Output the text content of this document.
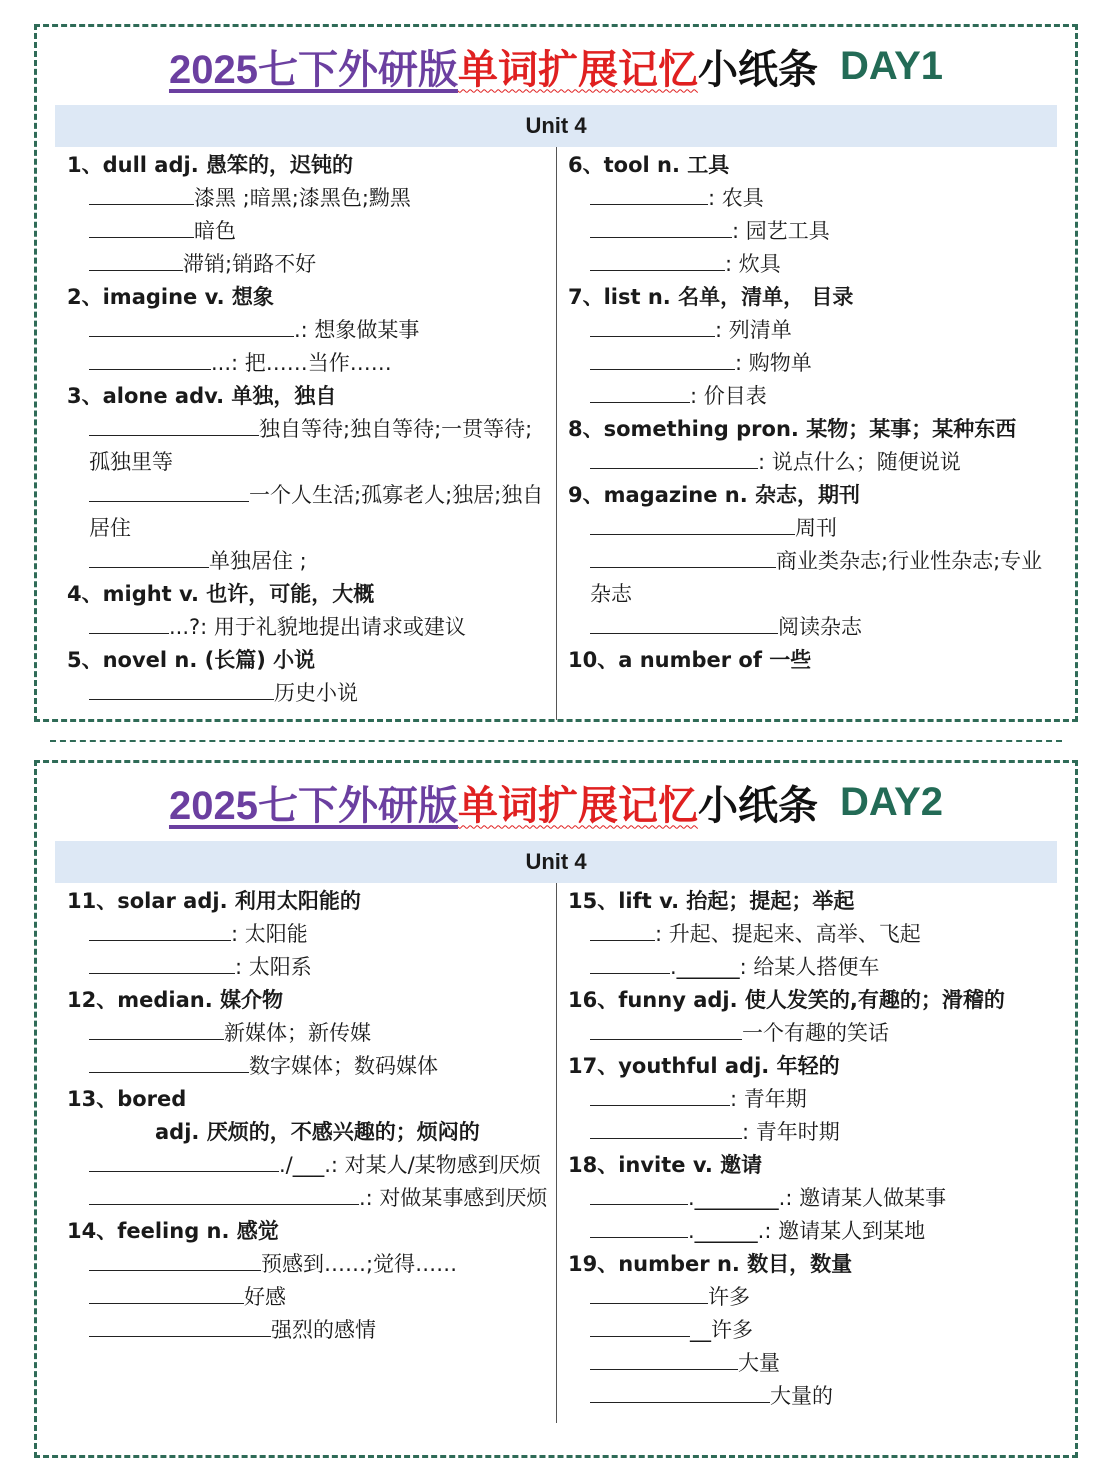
2025七下外研版 单词扩展记忆 小纸条 DAY1
Unit 4
1、dull adj. 愚笨的，迟钝的
漆黑 ;暗黑;漆黑色;黝黑
暗色
滞销;销路不好
2、imagine v. 想象
.: 想象做某事
...: 把……当作……
3、alone adv. 单独，独自
独自等待;独自等待;一贯等待;孤独里等
一个人生活;孤寡老人;独居;独自居住
单独居住 ;
4、might v. 也许，可能，大概
...?: 用于礼貌地提出请求或建议
5、novel n. (长篇) 小说
历史小说
6、tool n. 工具
: 农具
: 园艺工具
: 炊具
7、list n. 名单，清单， 目录
: 列清单
: 购物单
: 价目表
8、something pron. 某物；某事；某种东西
: 说点什么；随便说说
9、magazine n. 杂志，期刊
周刊
商业类杂志;行业性杂志;专业杂志
阅读杂志
10、a number of 一些
2025七下外研版 单词扩展记忆 小纸条 DAY2
Unit 4
11、solar adj. 利用太阳能的
: 太阳能
: 太阳系
12、median. 媒介物
新媒体；新传媒
数字媒体；数码媒体
13、bored
adj. 厌烦的，不感兴趣的；烦闷的
./___.: 对某人/某物感到厌烦
.: 对做某事感到厌烦
14、feeling n. 感觉
预感到……;觉得……
好感
强烈的感情
15、lift v. 抬起；提起；举起
: 升起、提起来、高举、飞起
.______: 给某人搭便车
16、funny adj. 使人发笑的,有趣的；滑稽的
一个有趣的笑话
17、youthful adj. 年轻的
: 青年期
: 青年时期
18、invite v. 邀请
.________.: 邀请某人做某事
.______.: 邀请某人到某地
19、number n. 数目，数量
许多
__许多
大量
大量的
